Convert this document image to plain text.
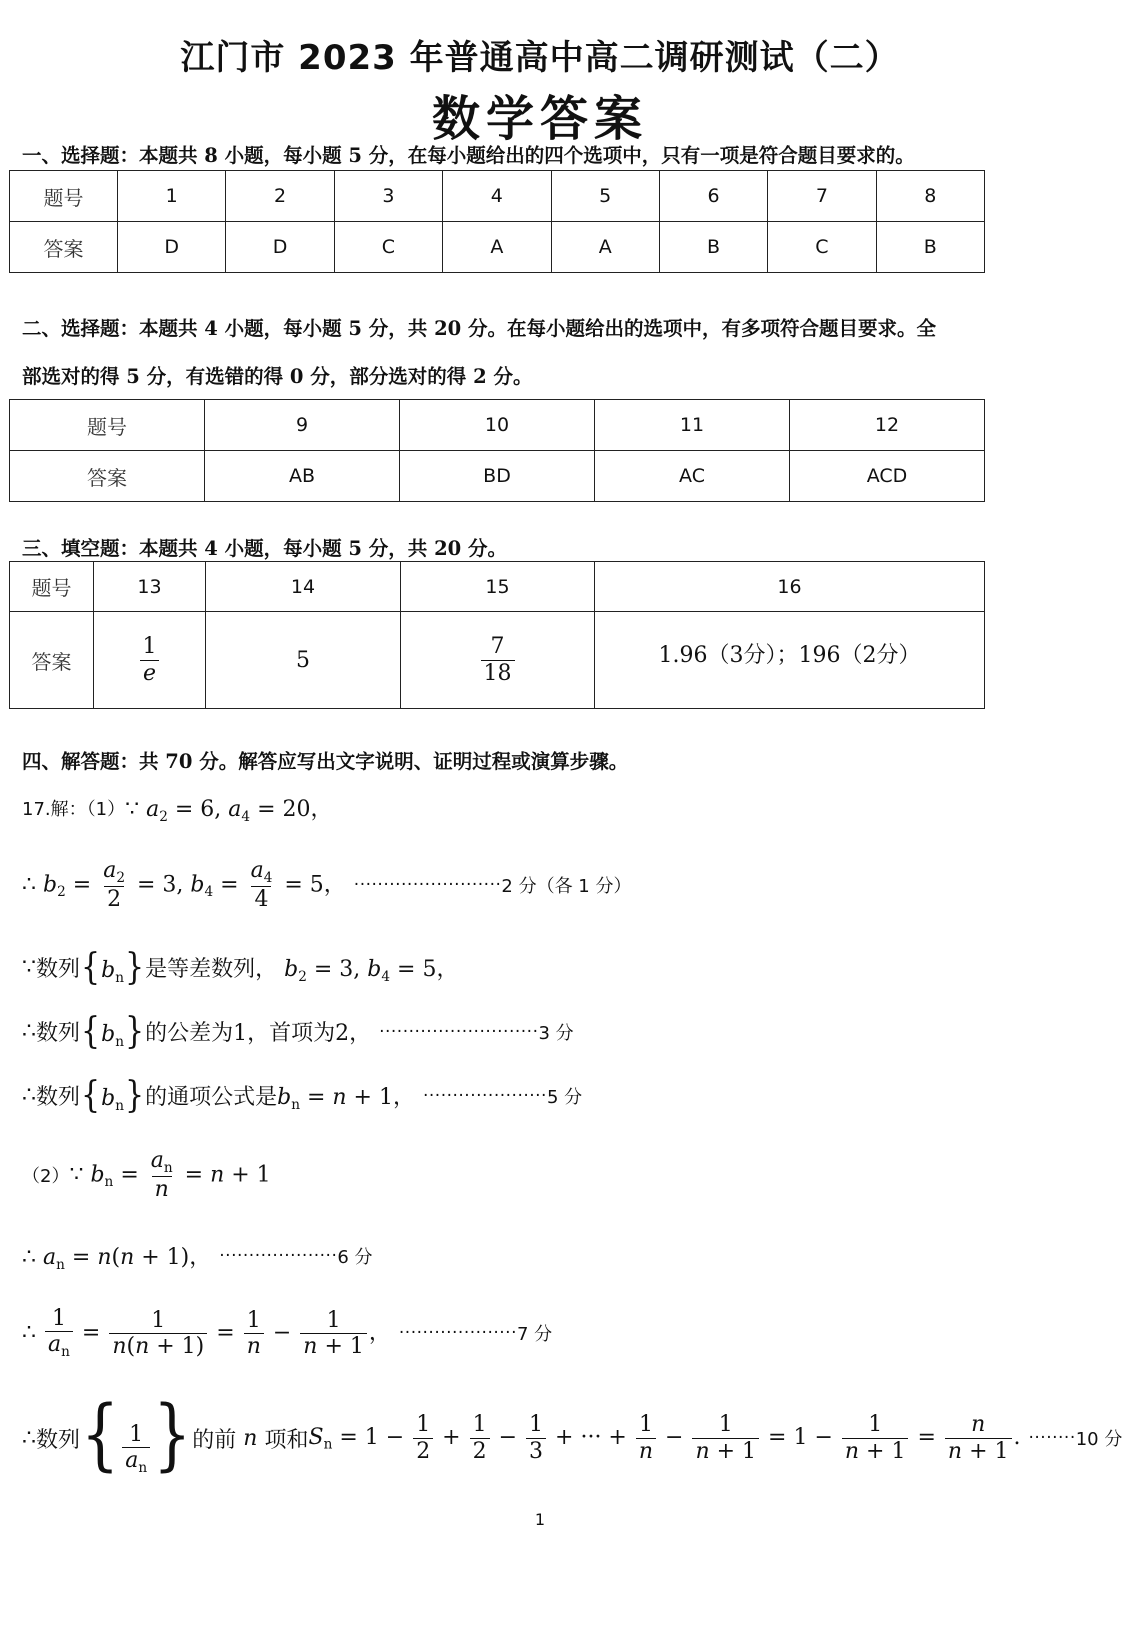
江门市 2023 年普通高中高二调研测试（二）
数学答案
一、选择题：本题共 8 小题，每小题 5 分，在每小题给出的四个选项中，只有一项是符合题目要求的。
题号	1	2	3	4	5	6	7	8
答案	D	D	C	A	A	B	C	B
二、选择题：本题共 4 小题，每小题 5 分，共 20 分。在每小题给出的选项中，有多项符合题目要求。全
部选对的得 5 分，有选错的得 0 分，部分选对的得 2 分。
题号	9	10	11	12
答案	AB	BD	AC	ACD
三、填空题：本题共 4 小题，每小题 5 分，共 20 分。
题号	13	14	15	16
答案	$\frac{1}{e}$	5	$\frac{7}{18}$	1.96（3分）；196（2分）
四、解答题：共 70 分。解答应写出文字说明、证明过程或演算步骤。
17.解：（1） ∵ $a_2 = 6$, $a_4 = 20$，
∴ $b_2 = \frac{a_2}{2} = 3$, $b_4 = \frac{a_4}{4} = 5$， ························· 2 分（各 1 分）
∵ 数列 $\{b_n\}$ 是等差数列， $b_2 = 3$, $b_4 = 5$，
∴ 数列 $\{b_n\}$ 的公差为1，首项为2， ··························· 3 分
∴ 数列 $\{b_n\}$ 的通项公式是 $b_n = n + 1$， ····················· 5 分
（2） ∵ $b_n = \frac{a_n}{n} = n + 1$
∴ $a_n = n(n + 1)$， ···················· 6 分
∴ $\frac{1}{a_n} = \frac{1}{n(n + 1)} = \frac{1}{n} - \frac{1}{n + 1}$ ， ···················· 7 分
∴ 数列 { $\frac{1}{a_n}$ } 的前 n 项和 $S_n = 1 - \frac{1}{2} + \frac{1}{2} - \frac{1}{3}$ + ··· + $\frac{1}{n} - \frac{1}{n + 1} = 1 - \frac{1}{n + 1} = \frac{n}{n + 1}$ . ········ 10 分
1
